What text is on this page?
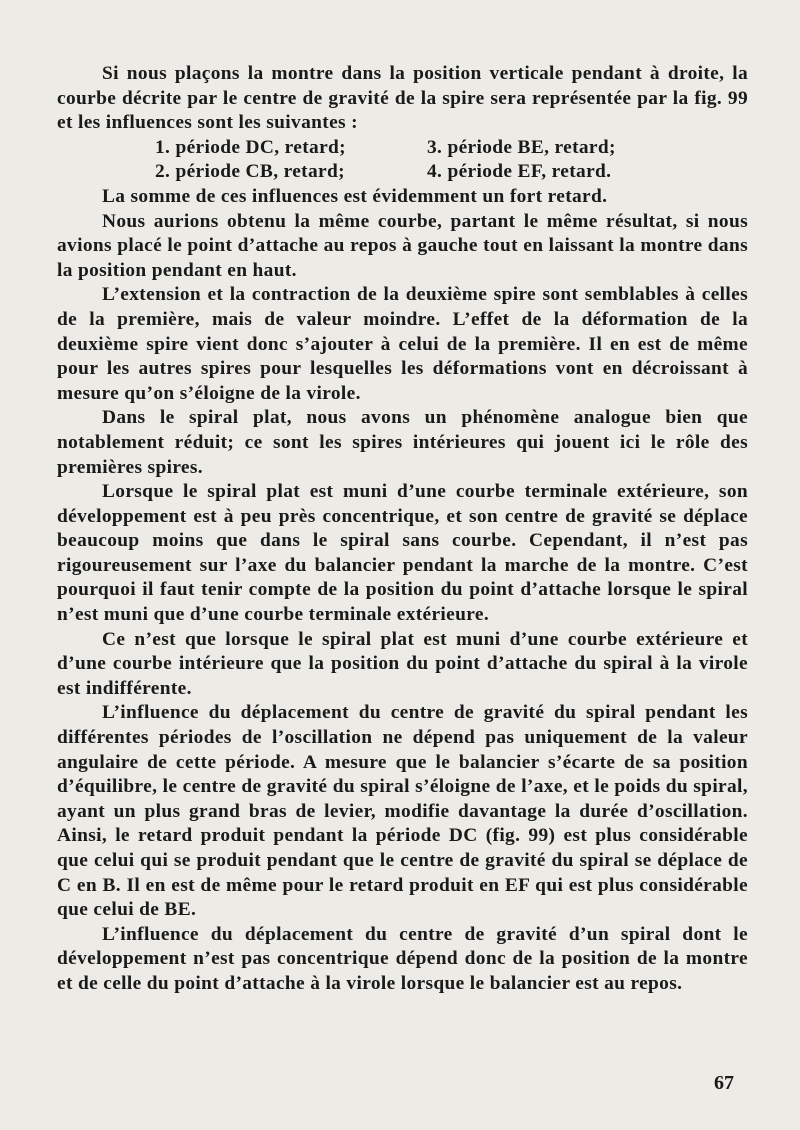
Si nous plaçons la montre dans la position verticale pendant à droite, la courbe décrite par le centre de gravité de la spire sera représentée par la fig. 99 et les influences sont les suivantes :

1. période DC, retard;	3. période BE, retard;
2. période CB, retard;	4. période EF, retard.

La somme de ces influences est évidemment un fort retard.

Nous aurions obtenu la même courbe, partant le même résultat, si nous avions placé le point d’attache au repos à gauche tout en laissant la montre dans la position pendant en haut.

L’extension et la contraction de la deuxième spire sont semblables à celles de la première, mais de valeur moindre. L’effet de la déformation de la deuxième spire vient donc s’ajouter à celui de la première. Il en est de même pour les autres spires pour lesquelles les déformations vont en décroissant à mesure qu’on s’éloigne de la virole.

Dans le spiral plat, nous avons un phénomène analogue bien que notablement réduit; ce sont les spires intérieures qui jouent ici le rôle des premières spires.

Lorsque le spiral plat est muni d’une courbe terminale extérieure, son développement est à peu près concentrique, et son centre de gravité se déplace beaucoup moins que dans le spiral sans courbe. Cependant, il n’est pas rigoureusement sur l’axe du balancier pendant la marche de la montre. C’est pourquoi il faut tenir compte de la position du point d’attache lorsque le spiral n’est muni que d’une courbe terminale extérieure.

Ce n’est que lorsque le spiral plat est muni d’une courbe extérieure et d’une courbe intérieure que la position du point d’attache du spiral à la virole est indifférente.

L’influence du déplacement du centre de gravité du spiral pendant les différentes périodes de l’oscillation ne dépend pas uniquement de la valeur angulaire de cette période. A mesure que le balancier s’écarte de sa position d’équilibre, le centre de gravité du spiral s’éloigne de l’axe, et le poids du spiral, ayant un plus grand bras de levier, modifie davantage la durée d’oscillation. Ainsi, le retard produit pendant la période DC (fig. 99) est plus considérable que celui qui se produit pendant que le centre de gravité du spiral se déplace de C en B. Il en est de même pour le retard produit en EF qui est plus considérable que celui de BE.

L’influence du déplacement du centre de gravité d’un spiral dont le développement n’est pas concentrique dépend donc de la position de la montre et de celle du point d’attache à la virole lorsque le balancier est au repos.

67
